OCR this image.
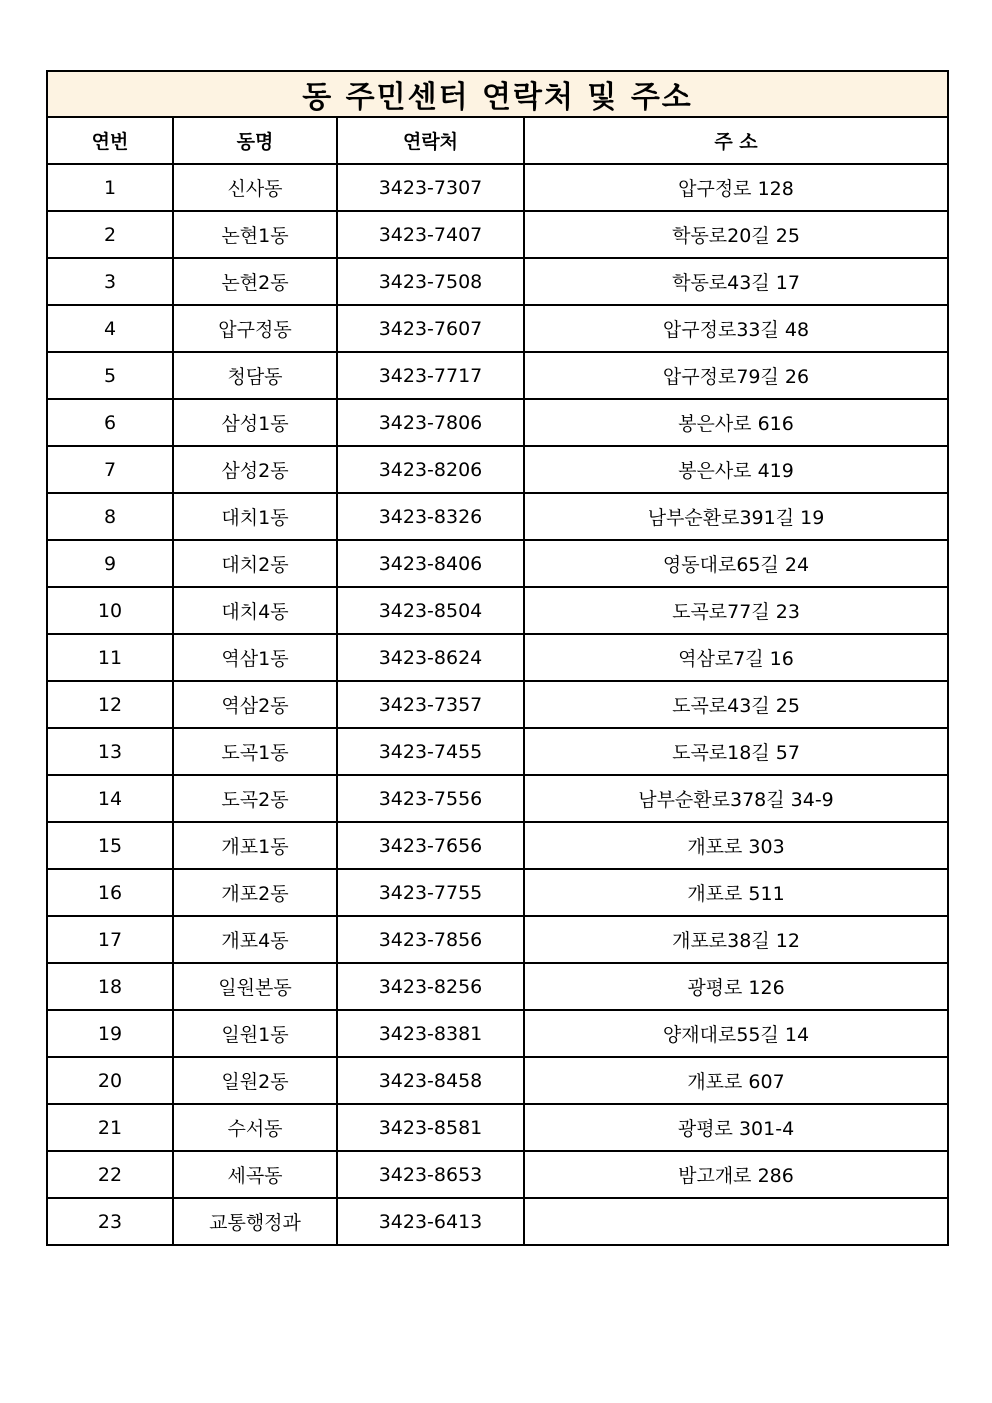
동 주민센터 연락처 및 주소			
연번	동명	연락처	주 소
1	신사동	3423-7307	압구정로 128
2	논현1동	3423-7407	학동로20길 25
3	논현2동	3423-7508	학동로43길 17
4	압구정동	3423-7607	압구정로33길 48
5	청담동	3423-7717	압구정로79길 26
6	삼성1동	3423-7806	봉은사로 616
7	삼성2동	3423-8206	봉은사로 419
8	대치1동	3423-8326	남부순환로391길 19
9	대치2동	3423-8406	영동대로65길 24
10	대치4동	3423-8504	도곡로77길 23
11	역삼1동	3423-8624	역삼로7길 16
12	역삼2동	3423-7357	도곡로43길 25
13	도곡1동	3423-7455	도곡로18길 57
14	도곡2동	3423-7556	남부순환로378길 34-9
15	개포1동	3423-7656	개포로 303
16	개포2동	3423-7755	개포로 511
17	개포4동	3423-7856	개포로38길 12
18	일원본동	3423-8256	광평로 126
19	일원1동	3423-8381	양재대로55길 14
20	일원2동	3423-8458	개포로 607
21	수서동	3423-8581	광평로 301-4
22	세곡동	3423-8653	밤고개로 286
23	교통행정과	3423-6413	
